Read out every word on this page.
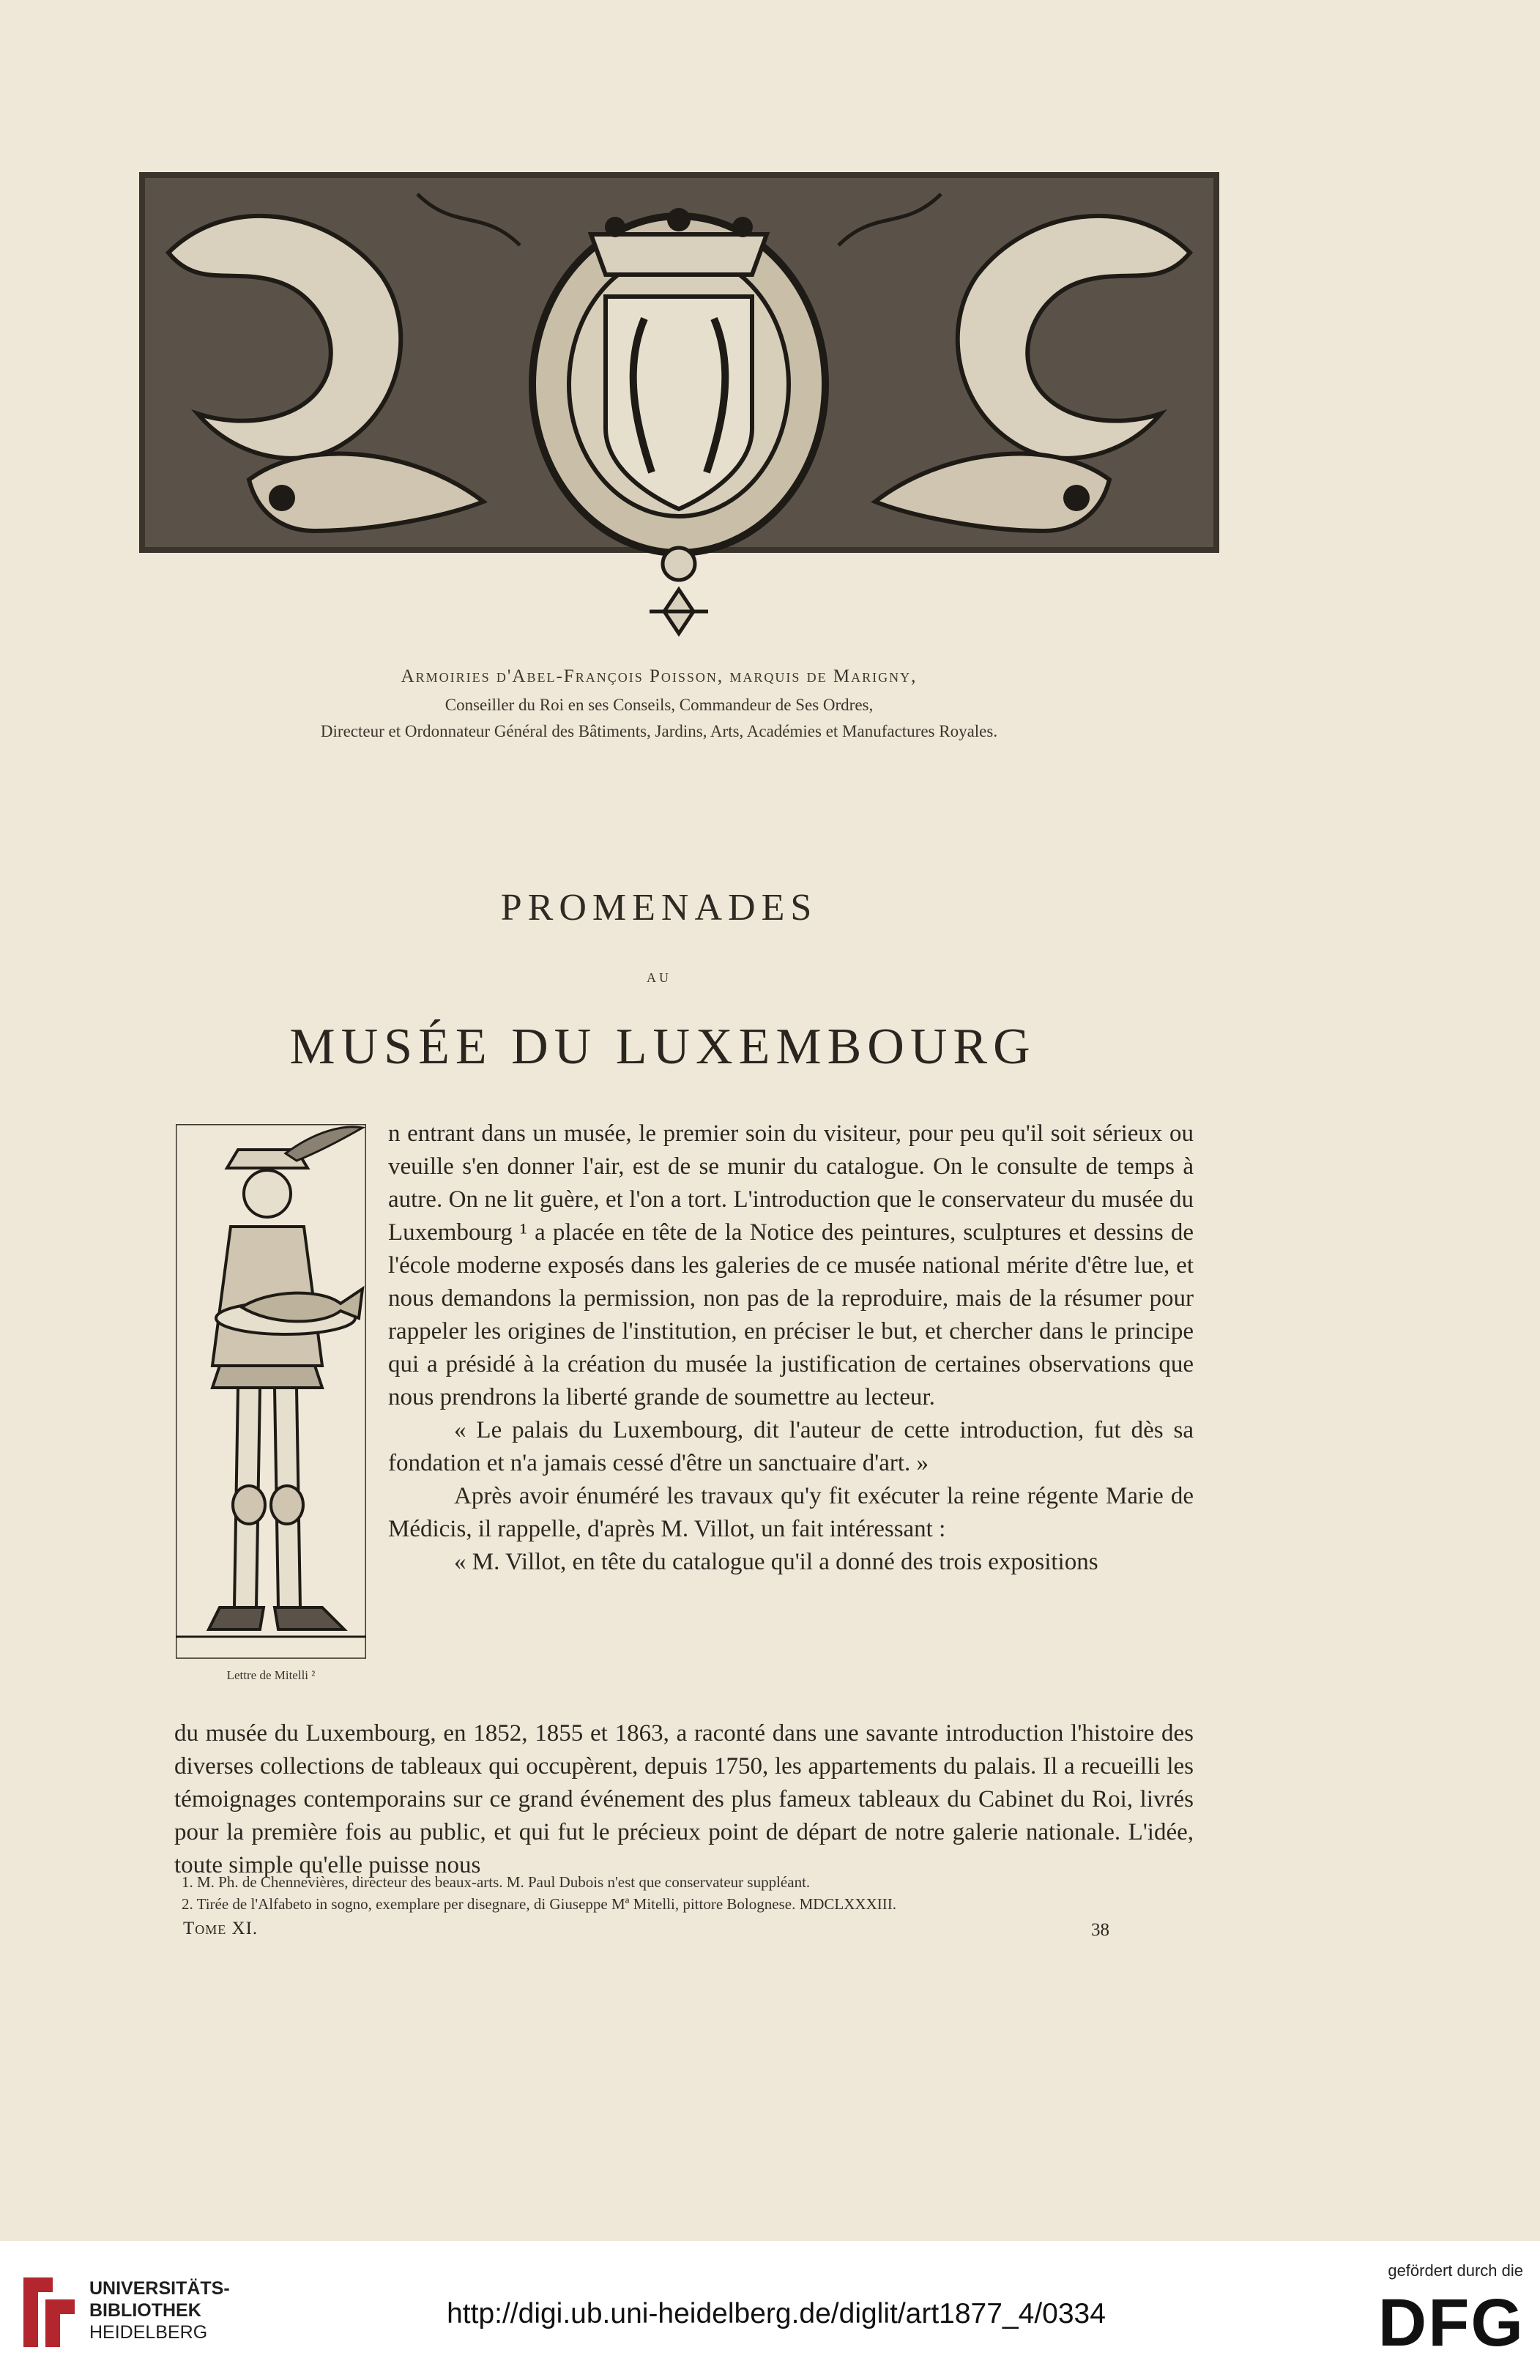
Armoiries d'Abel-François Poisson, marquis de Marigny,
Conseiller du Roi en ses Conseils, Commandeur de Ses Ordres,
Directeur et Ordonnateur Général des Bâtiments, Jardins, Arts, Académies et Manufactures Royales.
PROMENADES
AU
MUSÉE DU LUXEMBOURG
Lettre de Mitelli ²

n entrant dans un musée, le premier soin du visiteur, pour peu qu'il soit sérieux ou veuille s'en donner l'air, est de se munir du catalogue. On le consulte de temps à autre. On ne lit guère, et l'on a tort. L'introduction que le conservateur du musée du Luxembourg ¹ a placée en tête de la Notice des peintures, sculptures et dessins de l'école moderne exposés dans les galeries de ce musée national mérite d'être lue, et nous demandons la permission, non pas de la reproduire, mais de la résumer pour rappeler les origines de l'institution, en préciser le but, et chercher dans le principe qui a présidé à la création du musée la justification de certaines observations que nous prendrons la liberté grande de soumettre au lecteur.

« Le palais du Luxembourg, dit l'auteur de cette introduction, fut dès sa fondation et n'a jamais cessé d'être un sanctuaire d'art. »

Après avoir énuméré les travaux qu'y fit exécuter la reine régente Marie de Médicis, il rappelle, d'après M. Villot, un fait intéressant :

« M. Villot, en tête du catalogue qu'il a donné des trois expositions

du musée du Luxembourg, en 1852, 1855 et 1863, a raconté dans une savante introduction l'histoire des diverses collections de tableaux qui occupèrent, depuis 1750, les appartements du palais. Il a recueilli les témoignages contemporains sur ce grand événement des plus fameux tableaux du Cabinet du Roi, livrés pour la première fois au public, et qui fut le précieux point de départ de notre galerie nationale. L'idée, toute simple qu'elle puisse nous

1. M. Ph. de Chennevières, directeur des beaux-arts. M. Paul Dubois n'est que conservateur suppléant.
2. Tirée de l'Alfabeto in sogno, exemplare per disegnare, di Giuseppe Mª Mitelli, pittore Bolognese. MDCLXXXIII.
Tome XI.	38
UNIVERSITÄTS-
BIBLIOTHEK
HEIDELBERG
http://digi.ub.uni-heidelberg.de/diglit/art1877_4/0334
gefördert durch die
DFG
